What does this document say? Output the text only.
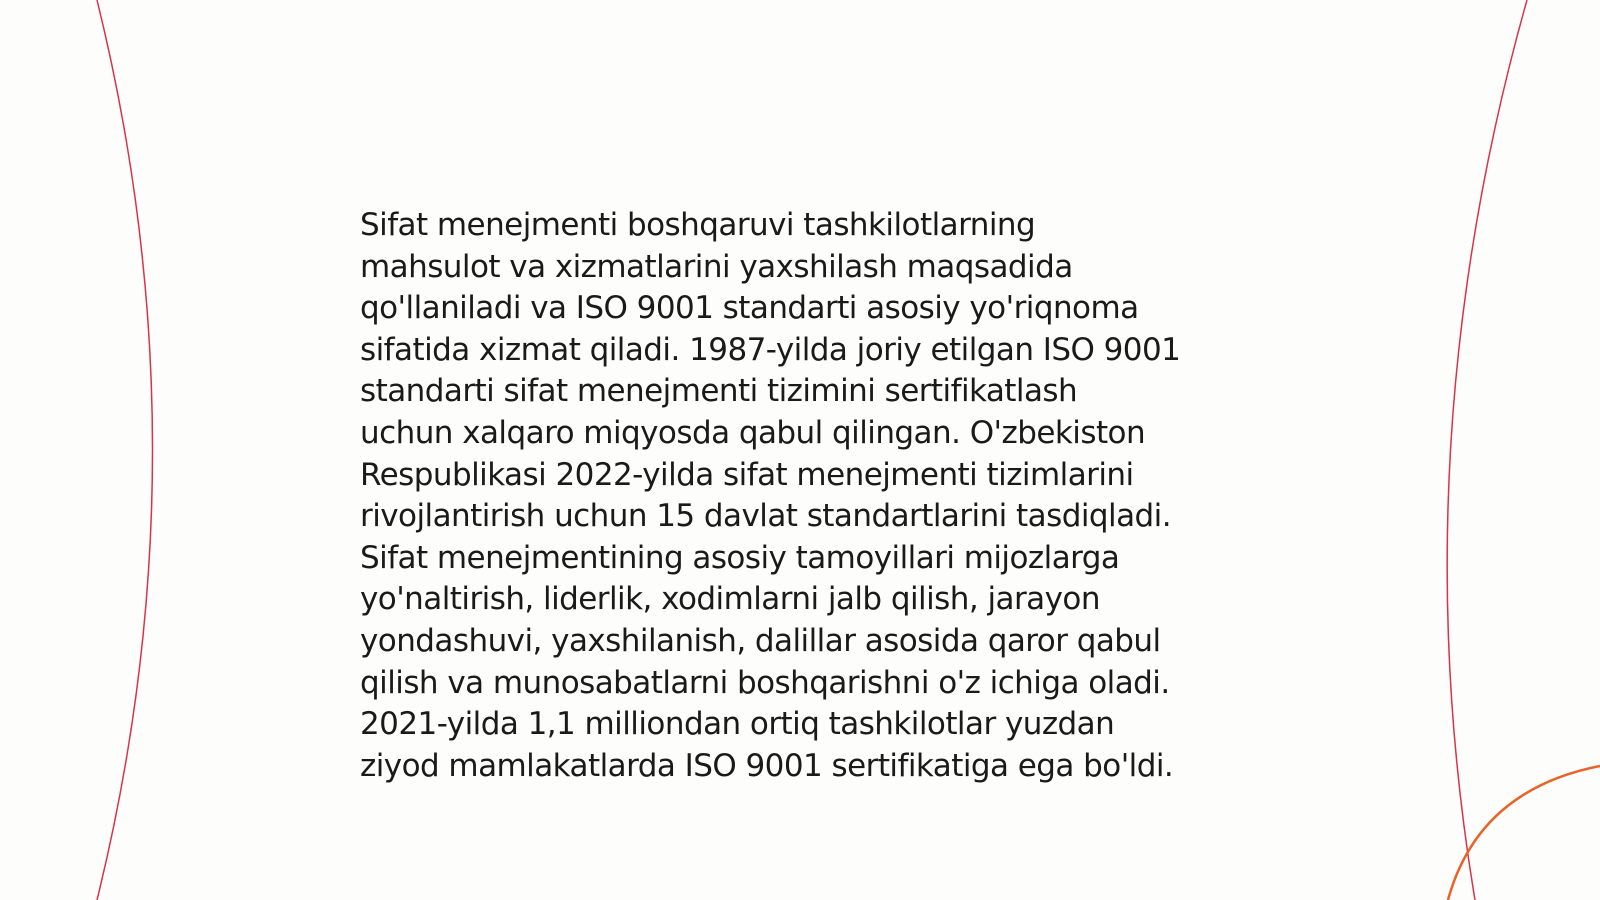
Sifat menejmenti boshqaruvi tashkilotlarning
mahsulot va xizmatlarini yaxshilash maqsadida
qo'llaniladi va ISO 9001 standarti asosiy yo'riqnoma
sifatida xizmat qiladi. 1987-yilda joriy etilgan ISO 9001
standarti sifat menejmenti tizimini sertifikatlash
uchun xalqaro miqyosda qabul qilingan. O'zbekiston
Respublikasi 2022-yilda sifat menejmenti tizimlarini
rivojlantirish uchun 15 davlat standartlarini tasdiqladi.
Sifat menejmentining asosiy tamoyillari mijozlarga
yo'naltirish, liderlik, xodimlarni jalb qilish, jarayon
yondashuvi, yaxshilanish, dalillar asosida qaror qabul
qilish va munosabatlarni boshqarishni o'z ichiga oladi.
2021-yilda 1,1 milliondan ortiq tashkilotlar yuzdan
ziyod mamlakatlarda ISO 9001 sertifikatiga ega bo'ldi.
